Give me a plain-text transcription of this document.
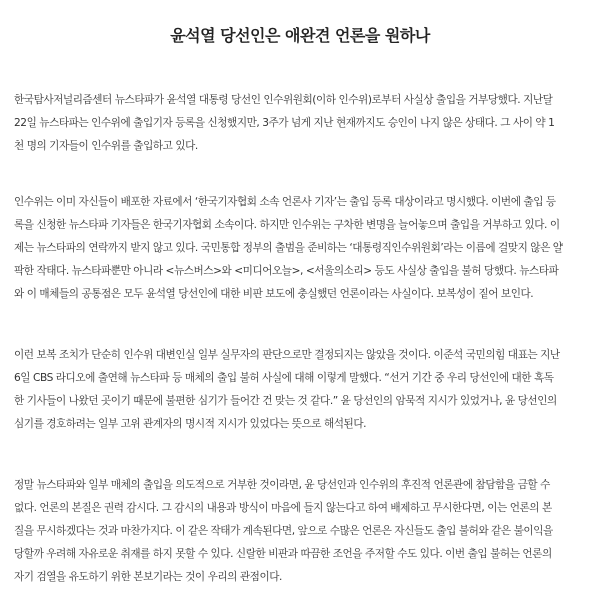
윤석열 당선인은 애완견 언론을 원하나
한국탐사저널리즘센터 뉴스타파가 윤석열 대통령 당선인 인수위원회(이하 인수위)로부터 사실상 출입을 거부당했다. 지난달
22일 뉴스타파는 인수위에 출입기자 등록을 신청했지만, 3주가 넘게 지난 현재까지도 승인이 나지 않은 상태다. 그 사이 약 1
천 명의 기자들이 인수위를 출입하고 있다.
인수위는 이미 자신들이 배포한 자료에서 ‘한국기자협회 소속 언론사 기자’는 출입 등록 대상이라고 명시했다. 이번에 출입 등
록을 신청한 뉴스타파 기자들은 한국기자협회 소속이다. 하지만 인수위는 구차한 변명을 늘어놓으며 출입을 거부하고 있다. 이
제는 뉴스타파의 연락까지 받지 않고 있다. 국민통합 정부의 출범을 준비하는 ‘대통령직인수위원회’라는 이름에 걸맞지 않은 얄
팍한 작태다. 뉴스타파뿐만 아니라 <뉴스버스>와 <미디어오늘>, <서울의소리> 등도 사실상 출입을 불허 당했다. 뉴스타파
와 이 매체들의 공통점은 모두 윤석열 당선인에 대한 비판 보도에 충실했던 언론이라는 사실이다. 보복성이 짙어 보인다.
이런 보복 조치가 단순히 인수위 대변인실 일부 실무자의 판단으로만 결정되지는 않았을 것이다. 이준석 국민의힘 대표는 지난
6일 CBS 라디오에 출연해 뉴스타파 등 매체의 출입 불허 사실에 대해 이렇게 말했다. “선거 기간 중 우리 당선인에 대한 혹독
한 기사들이 나왔던 곳이기 때문에 불편한 심기가 들어간 건 맞는 것 같다.” 윤 당선인의 암묵적 지시가 있었거나, 윤 당선인의
심기를 경호하려는 일부 고위 관계자의 명시적 지시가 있었다는 뜻으로 해석된다.
정말 뉴스타파와 일부 매체의 출입을 의도적으로 거부한 것이라면, 윤 당선인과 인수위의 후진적 언론관에 참담함을 금할 수
없다. 언론의 본질은 권력 감시다. 그 감시의 내용과 방식이 마음에 들지 않는다고 하여 배제하고 무시한다면, 이는 언론의 본
질을 무시하겠다는 것과 마찬가지다. 이 같은 작태가 계속된다면, 앞으로 수많은 언론은 자신들도 출입 불허와 같은 불이익을
당할까 우려해 자유로운 취재를 하지 못할 수 있다. 신랄한 비판과 따끔한 조언을 주저할 수도 있다. 이번 출입 불허는 언론의
자기 검열을 유도하기 위한 본보기라는 것이 우리의 관점이다.
